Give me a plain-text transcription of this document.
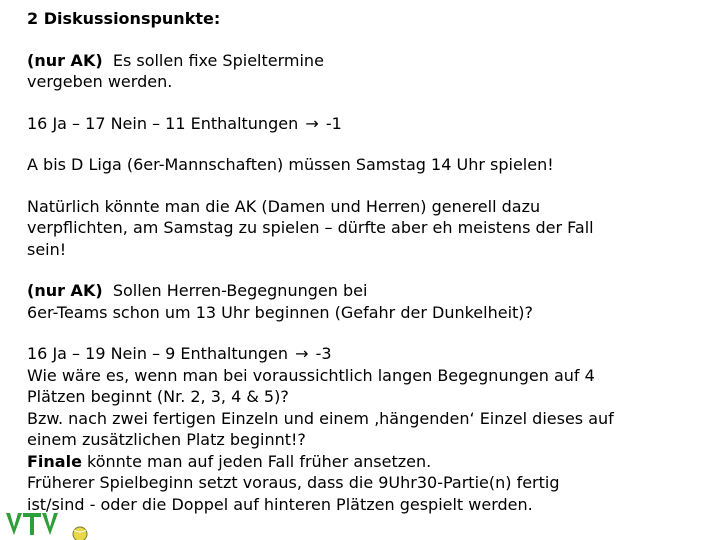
2 Diskussionspunkte:
(nur AK) Es sollen fixe Spieltermine
vergeben werden.
16 Ja – 17 Nein – 11 Enthaltungen → -1
A bis D Liga (6er-Mannschaften) müssen Samstag 14 Uhr spielen!
Natürlich könnte man die AK (Damen und Herren) generell dazu
verpflichten, am Samstag zu spielen – dürfte aber eh meistens der Fall
sein!
(nur AK) Sollen Herren-Begegnungen bei
6er-Teams schon um 13 Uhr beginnen (Gefahr der Dunkelheit)?
16 Ja – 19 Nein – 9 Enthaltungen → -3
Wie wäre es, wenn man bei voraussichtlich langen Begegnungen auf 4
Plätzen beginnt (Nr. 2, 3, 4 & 5)?
Bzw. nach zwei fertigen Einzeln und einem ‚hängenden‘ Einzel dieses auf
einem zusätzlichen Platz beginnt!?
Finale könnte man auf jeden Fall früher ansetzen.
Früherer Spielbeginn setzt voraus, dass die 9Uhr30-Partie(n) fertig
ist/sind - oder die Doppel auf hinteren Plätzen gespielt werden.
